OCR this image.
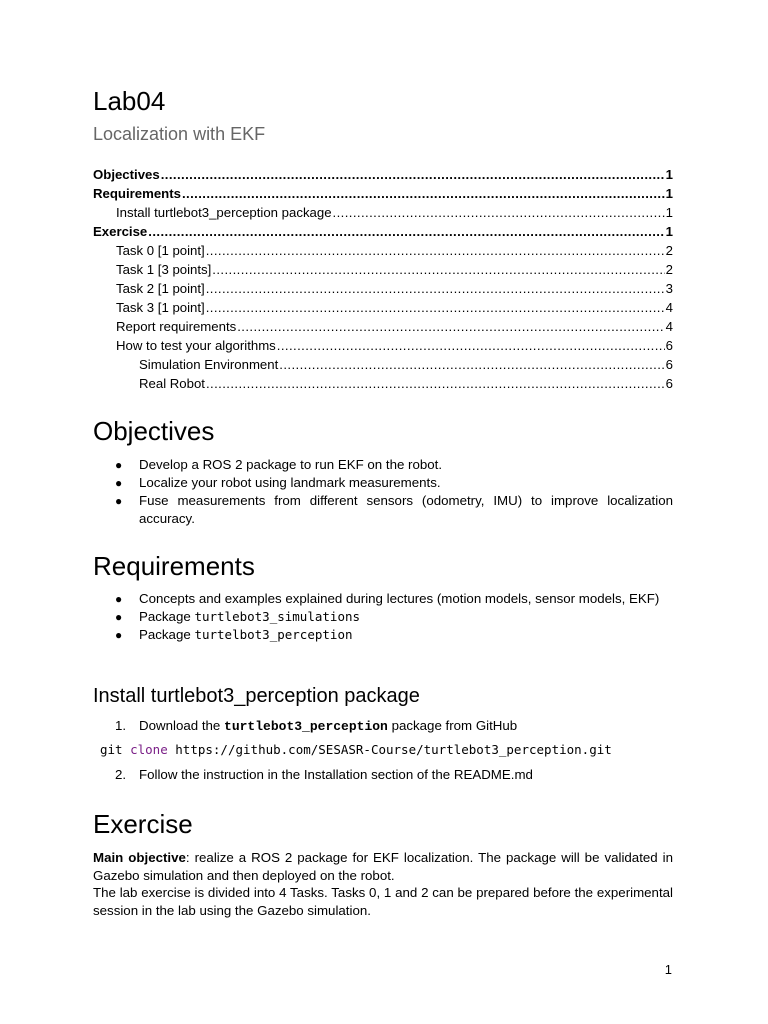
Lab04
Localization with EKF
Objectives .....	1
Requirements .....	1
Install turtlebot3_perception package .....	1
Exercise .....	1
Task 0 [1 point] .....	2
Task 1 [3 points] .....	2
Task 2 [1 point] .....	3
Task 3 [1 point] .....	4
Report requirements .....	4
How to test your algorithms .....	6
Simulation Environment .....	6
Real Robot .....	6
Objectives
● Develop a ROS 2 package to run EKF on the robot.
● Localize your robot using landmark measurements.
● Fuse measurements from different sensors (odometry, IMU) to improve localization accuracy.
Requirements
● Concepts and examples explained during lectures (motion models, sensor models, EKF)
● Package turtlebot3_simulations
● Package turtelbot3_perception
Install turtlebot3_perception package
1. Download the turtlebot3_perception package from GitHub
git clone https://github.com/SESASR-Course/turtlebot3_perception.git
2. Follow the instruction in the Installation section of the README.md
Exercise
Main objective: realize a ROS 2 package for EKF localization. The package will be validated in Gazebo simulation and then deployed on the robot.
The lab exercise is divided into 4 Tasks. Tasks 0, 1 and 2 can be prepared before the experimental session in the lab using the Gazebo simulation.
1
